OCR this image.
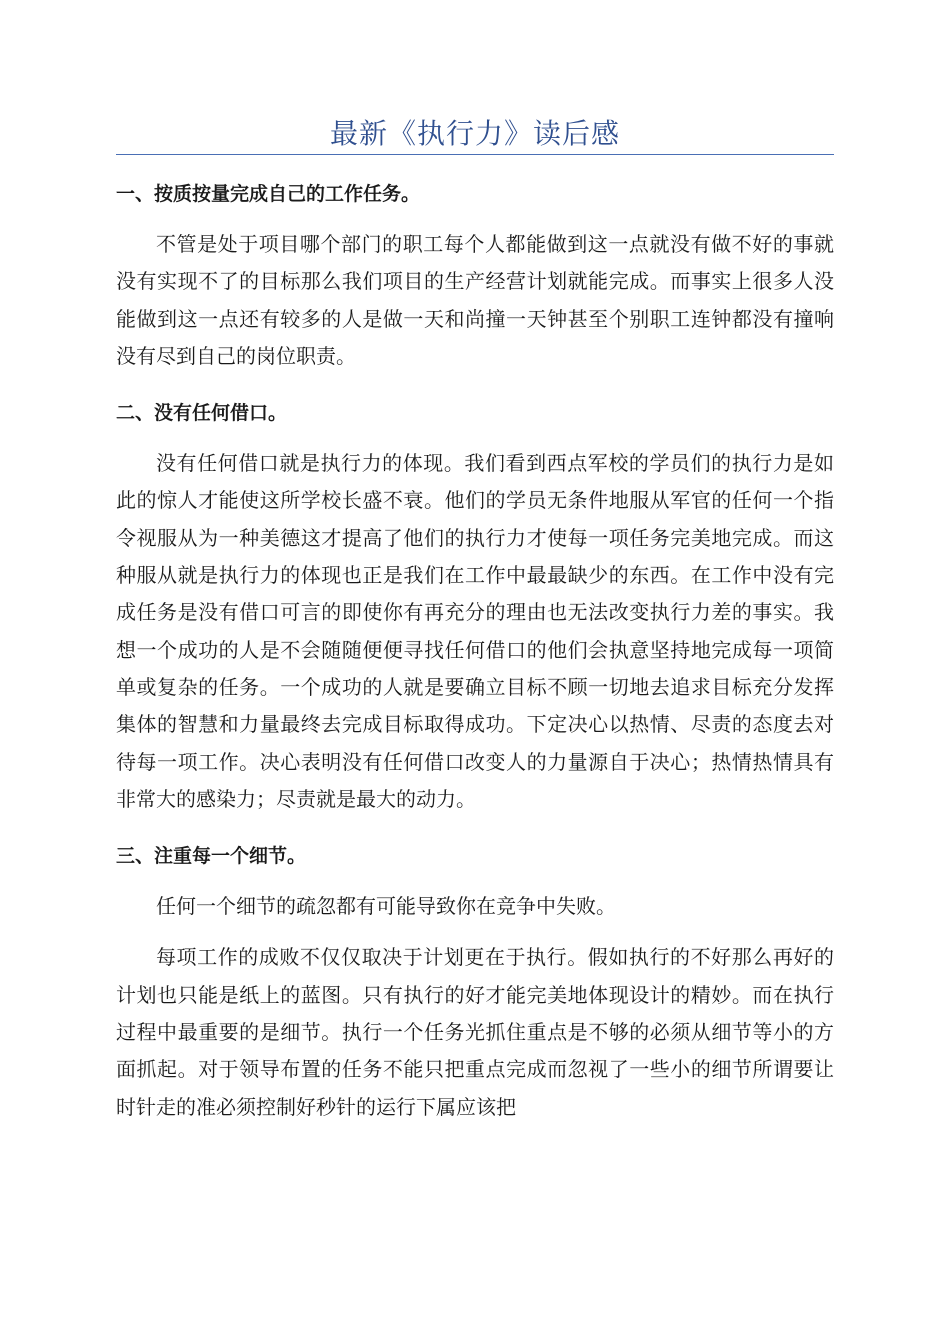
最新《执行力》读后感
一、按质按量完成自己的工作任务。

不管是处于项目哪个部门的职工每个人都能做到这一点就没有做不好的事就没有实现不了的目标那么我们项目的生产经营计划就能完成。而事实上很多人没能做到这一点还有较多的人是做一天和尚撞一天钟甚至个别职工连钟都没有撞响没有尽到自己的岗位职责。

二、没有任何借口。

没有任何借口就是执行力的体现。我们看到西点军校的学员们的执行力是如此的惊人才能使这所学校长盛不衰。他们的学员无条件地服从军官的任何一个指令视服从为一种美德这才提高了他们的执行力才使每一项任务完美地完成。而这种服从就是执行力的体现也正是我们在工作中最最缺少的东西。在工作中没有完成任务是没有借口可言的即使你有再充分的理由也无法改变执行力差的事实。我想一个成功的人是不会随随便便寻找任何借口的他们会执意坚持地完成每一项简单或复杂的任务。一个成功的人就是要确立目标不顾一切地去追求目标充分发挥集体的智慧和力量最终去完成目标取得成功。下定决心以热情、尽责的态度去对待每一项工作。决心表明没有任何借口改变人的力量源自于决心；热情热情具有非常大的感染力；尽责就是最大的动力。

三、注重每一个细节。

任何一个细节的疏忽都有可能导致你在竞争中失败。

每项工作的成败不仅仅取决于计划更在于执行。假如执行的不好那么再好的计划也只能是纸上的蓝图。只有执行的好才能完美地体现设计的精妙。而在执行过程中最重要的是细节。执行一个任务光抓住重点是不够的必须从细节等小的方面抓起。对于领导布置的任务不能只把重点完成而忽视了一些小的细节所谓要让时针走的准必须控制好秒针的运行下属应该把
